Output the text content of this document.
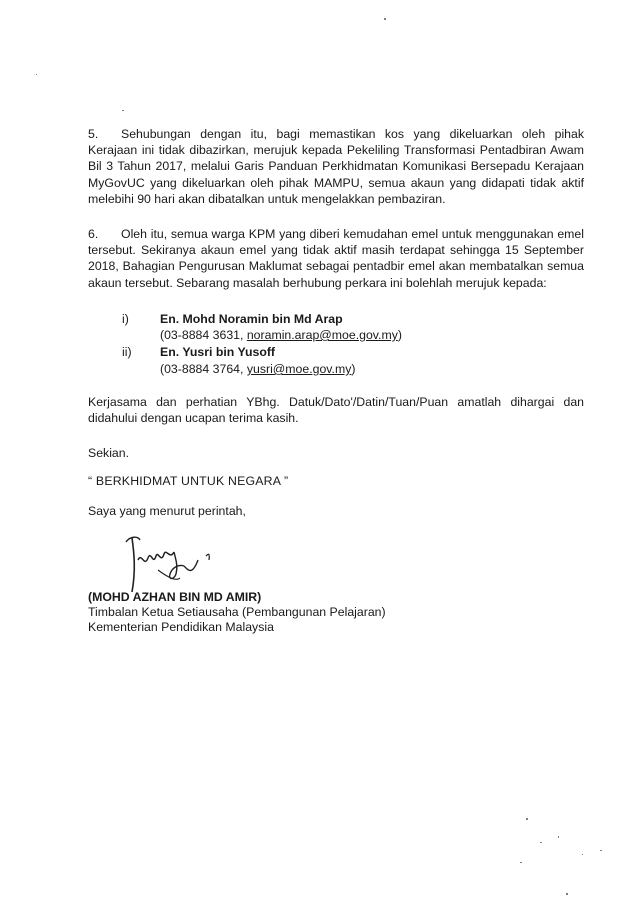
5. Sehubungan dengan itu, bagi memastikan kos yang dikeluarkan oleh pihak
Kerajaan ini tidak dibazirkan, merujuk kepada Pekeliling Transformasi Pentadbiran Awam
Bil 3 Tahun 2017, melalui Garis Panduan Perkhidmatan Komunikasi Bersepadu Kerajaan
MyGovUC yang dikeluarkan oleh pihak MAMPU, semua akaun yang didapati tidak aktif
melebihi 90 hari akan dibatalkan untuk mengelakkan pembaziran.
6. Oleh itu, semua warga KPM yang diberi kemudahan emel untuk menggunakan emel
tersebut. Sekiranya akaun emel yang tidak aktif masih terdapat sehingga 15 September
2018, Bahagian Pengurusan Maklumat sebagai pentadbir emel akan membatalkan semua
akaun tersebut. Sebarang masalah berhubung perkara ini bolehlah merujuk kepada:
i)	En. Mohd Noramin bin Md Arap
(03-8884 3631, noramin.arap@moe.gov.my)
ii) En. Yusri bin Yusoff
(03-8884 3764, yusri@moe.gov.my)
Kerjasama dan perhatian YBhg. Datuk/Dato'/Datin/Tuan/Puan amatlah dihargai dan
didahului dengan ucapan terima kasih.
Sekian.
“ BERKHIDMAT UNTUK NEGARA ”
Saya yang menurut perintah,
(MOHD AZHAN BIN MD AMIR)
Timbalan Ketua Setiausaha (Pembangunan Pelajaran)
Kementerian Pendidikan Malaysia
